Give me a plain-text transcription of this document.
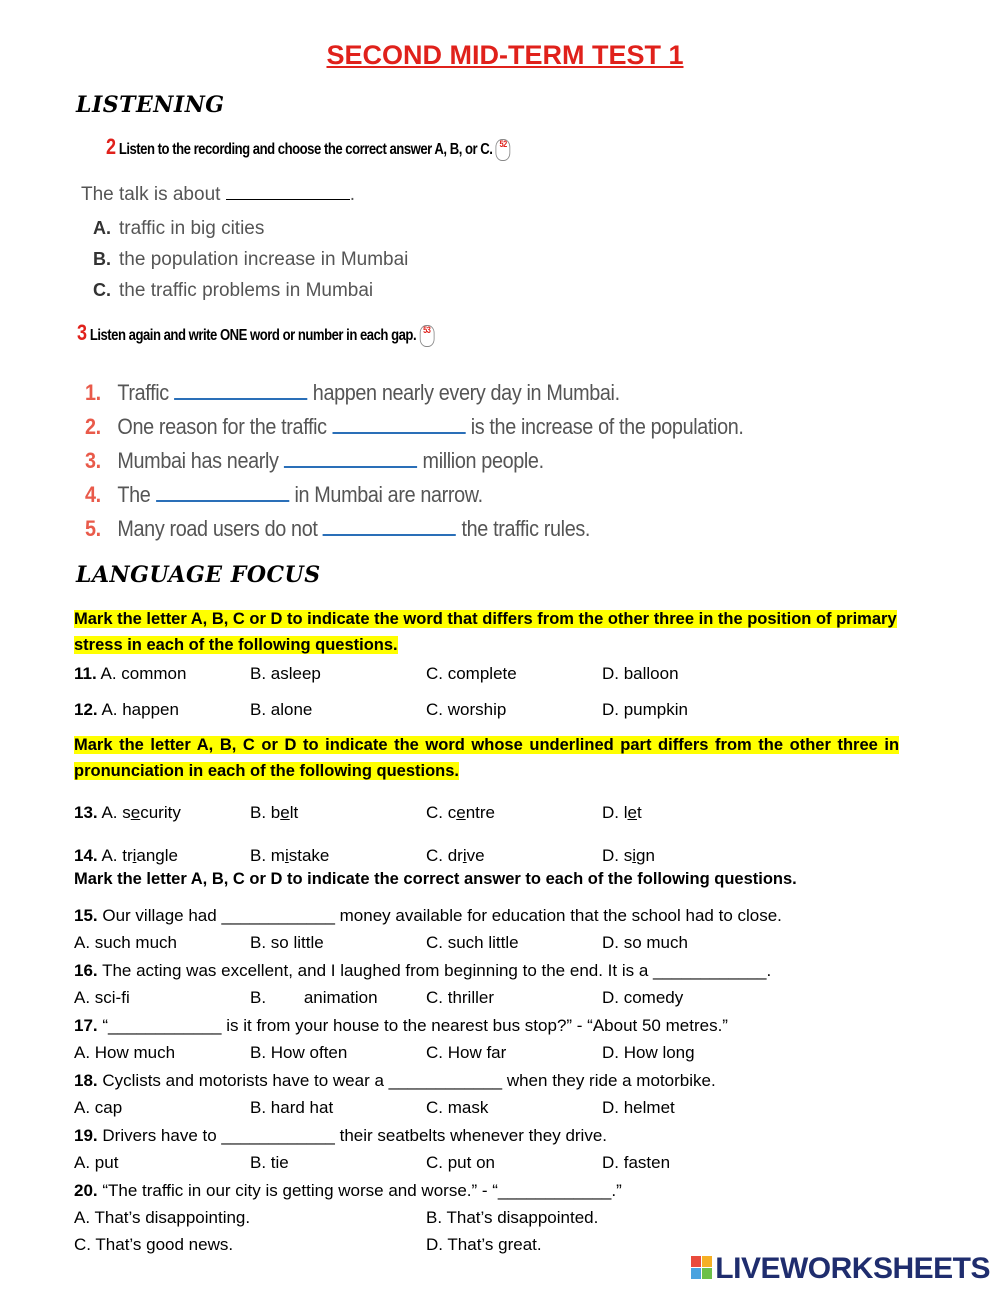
SECOND MID-TERM TEST 1
LISTENING
2 Listen to the recording and choose the correct answer A, B, or C. 52
The talk is about	.
A. traffic in big cities
B. the population increase in Mumbai
C. the traffic problems in Mumbai
3 Listen again and write ONE word or number in each gap. 53
1. Traffic	happen nearly every day in Mumbai.
2. One reason for the traffic	is the increase of the population.
3. Mumbai has nearly	million people.
4. The	in Mumbai are narrow.
5. Many road users do not	the traffic rules.
LANGUAGE FOCUS
Mark the letter A, B, C or D to indicate the word that differs from the other three in the position of primary
stress in each of the following questions.
11. A. common	B. asleep	C. complete	D. balloon
12. A. happen	B. alone	C. worship	D. pumpkin
Mark the letter A, B, C or D to indicate the word whose underlined part differs from the other three in
pronunciation in each of the following questions.
13. A. security	B. belt	C. centre	D. let
14. A. triangle	B. mistake	C. drive	D. sign
Mark the letter A, B, C or D to indicate the correct answer to each of the following questions.
15. Our village had ____________ money available for education that the school had to close.
A. such much	B. so little	C. such little	D. so much
16. The acting was excellent, and I laughed from beginning to the end. It is a ____________.
A. sci-fi	B.        animation	C. thriller	D. comedy
17. “____________ is it from your house to the nearest bus stop?” - “About 50 metres.”
A. How much	B. How often	C. How far	D. How long
18. Cyclists and motorists have to wear a ____________ when they ride a motorbike.
A. cap	B. hard hat	C. mask	D. helmet
19. Drivers have to ____________ their seatbelts whenever they drive.
A. put	B. tie	C. put on	D. fasten
20. “The traffic in our city is getting worse and worse.” - “____________.”
A. That’s disappointing.	B. That’s disappointed.
C. That’s good news.	D. That’s great.
LIVEWORKSHEETS
